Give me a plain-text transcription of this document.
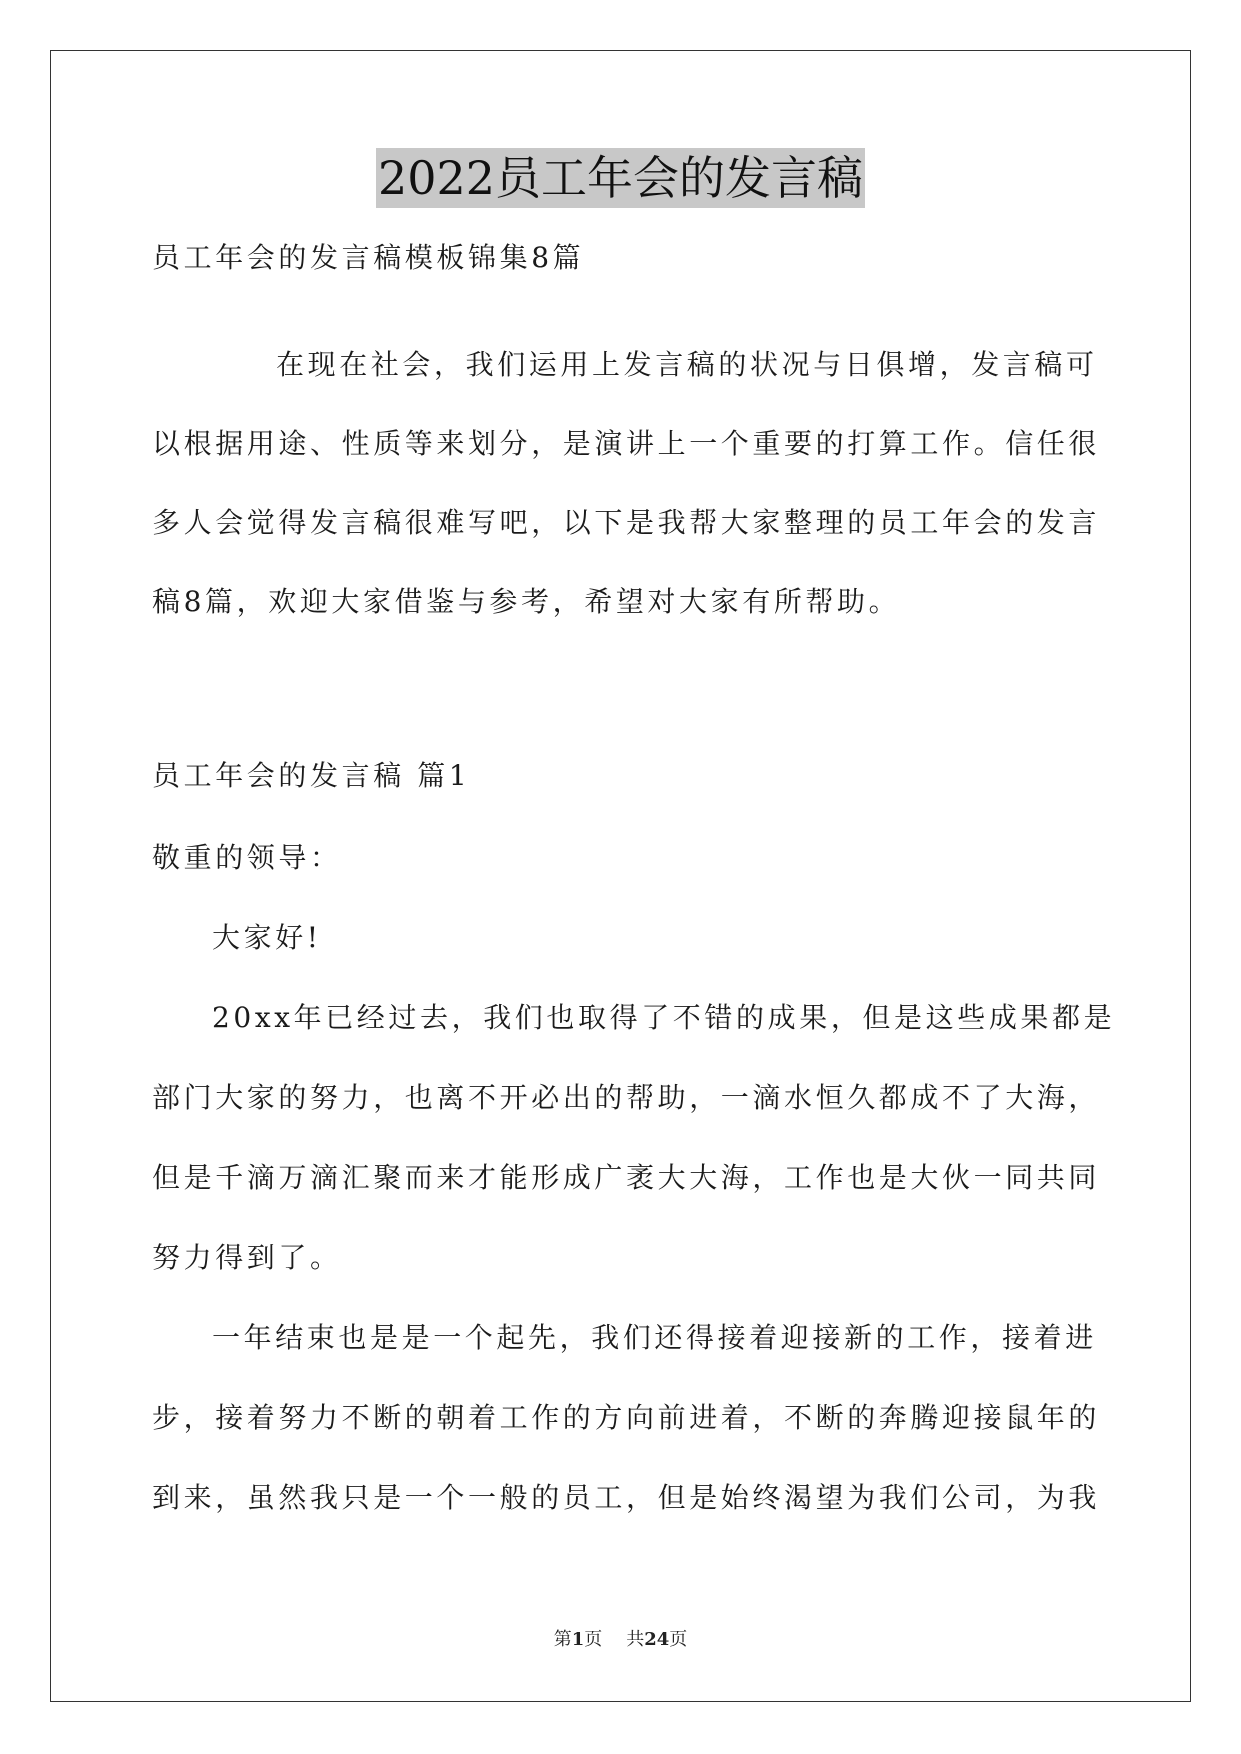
2022员工年会的发言稿
员工年会的发言稿模板锦集8篇
在现在社会，我们运用上发言稿的状况与日俱增，发言稿可
以根据用途、性质等来划分，是演讲上一个重要的打算工作。信任很
多人会觉得发言稿很难写吧，以下是我帮大家整理的员工年会的发言
稿8篇，欢迎大家借鉴与参考，希望对大家有所帮助。
员工年会的发言稿 篇1
敬重的领导：
大家好!
20xx年已经过去，我们也取得了不错的成果，但是这些成果都是
部门大家的努力，也离不开必出的帮助，一滴水恒久都成不了大海，
但是千滴万滴汇聚而来才能形成广袤大大海，工作也是大伙一同共同
努力得到了。
一年结束也是是一个起先，我们还得接着迎接新的工作，接着进
步，接着努力不断的朝着工作的方向前进着，不断的奔腾迎接鼠年的
到来，虽然我只是一个一般的员工，但是始终渴望为我们公司，为我
第1页 共24页
